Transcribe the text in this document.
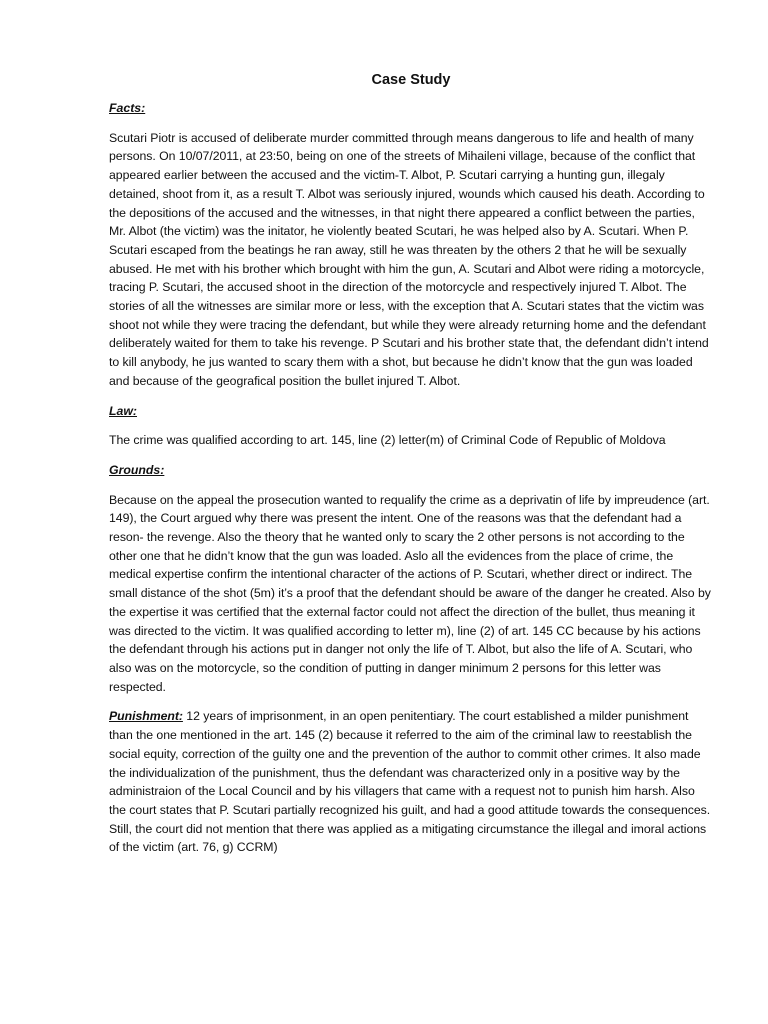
Case Study
Facts:

Scutari Piotr is accused of deliberate murder committed through means dangerous to life and health of many persons. On 10/07/2011, at 23:50, being on one of the streets of Mihaileni village, because of the conflict that appeared earlier between the accused and the victim-T. Albot, P. Scutari carrying a hunting gun, illegaly detained, shoot from it, as a result T. Albot was seriously injured, wounds which caused his death. According to the depositions of the accused and the witnesses, in that night there appeared a conflict between the parties, Mr. Albot (the victim) was the initator, he violently beated Scutari, he was helped also by A. Scutari. When P. Scutari escaped from the beatings he ran away, still he was threaten by the others 2 that he will be sexually abused. He met with his brother which brought with him the gun, A. Scutari and Albot were riding a motorcycle, tracing P. Scutari, the accused shoot in the direction of the motorcycle and respectively injured T. Albot. The stories of all the witnesses are similar more or less, with the exception that A. Scutari states that the victim was shoot not while they were tracing the defendant, but while they were already returning home and the defendant deliberately waited for them to take his revenge. P Scutari and his brother state that, the defendant didn’t intend to kill anybody, he jus wanted to scary them with a shot, but because he didn’t know that the gun was loaded and because of the geografical position the bullet injured T. Albot.

Law:

The crime was qualified according to art. 145, line (2) letter(m) of Criminal Code of Republic of Moldova

Grounds:

Because on the appeal the prosecution wanted to requalify the crime as a deprivatin of life by impreudence (art. 149), the Court argued why there was present the intent. One of the reasons was that the defendant had a reson- the revenge. Also the theory that he wanted only to scary the 2 other persons is not according to the other one that he didn’t know that the gun was loaded. Aslo all the evidences from the place of crime, the medical expertise confirm the intentional character of the actions of P. Scutari, whether direct or indirect. The small distance of the shot (5m) it’s a proof that the defendant should be aware of the danger he created. Also by the expertise it was certified that the external factor could not affect the direction of the bullet, thus meaning it was directed to the victim. It was qualified according to letter m), line (2) of art. 145 CC because by his actions the defendant through his actions put in danger not only the life of T. Albot, but also the life of A. Scutari, who also was on the motorcycle, so the condition of putting in danger minimum 2 persons for this letter was respected.

Punishment: 12 years of imprisonment, in an open penitentiary. The court established a milder punishment than the one mentioned in the art. 145 (2) because it referred to the aim of the criminal law to reestablish the social equity, correction of the guilty one and the prevention of the author to commit other crimes. It also made the individualization of the punishment, thus the defendant was characterized only in a positive way by the administraion of the Local Council and by his villagers that came with a request not to punish him harsh. Also the court states that P. Scutari partially recognized his guilt, and had a good attitude towards the consequences. Still, the court did not mention that there was applied as a mitigating circumstance the illegal and imoral actions of the victim (art. 76, g) CCRM)
